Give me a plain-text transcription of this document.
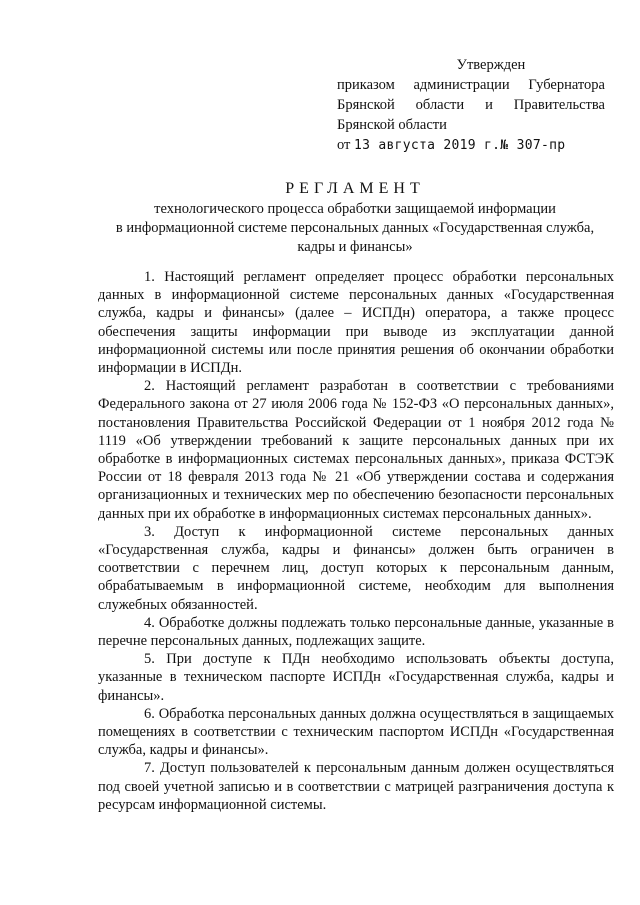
Утвержден
приказом администрации Губернатора
Брянской области и Правительства
Брянской области
от 13 августа 2019 г.№ 307-пр
РЕГЛАМЕНТ
технологического процесса обработки защищаемой информации
в информационной системе персональных данных «Государственная служба,
кадры и финансы»

1. Настоящий регламент определяет процесс обработки персональных данных в информационной системе персональных данных «Государственная служба, кадры и финансы» (далее – ИСПДн) оператора, а также процесс обеспечения защиты информации при выводе из эксплуатации данной информационной системы или после принятия решения об окончании обработки информации в ИСПДн.

2. Настоящий регламент разработан в соответствии с требованиями Федерального закона от 27 июля 2006 года № 152-ФЗ «О персональных данных», постановления Правительства Российской Федерации от 1 ноября 2012 года № 1119 «Об утверждении требований к защите персональных данных при их обработке в информационных системах персональных данных», приказа ФСТЭК России от 18 февраля 2013 года № 21 «Об утверждении состава и содержания организационных и технических мер по обеспечению безопасности персональных данных при их обработке в информационных системах персональных данных».

3. Доступ к информационной системе персональных данных «Государственная служба, кадры и финансы» должен быть ограничен в соответствии с перечнем лиц, доступ которых к персональным данным, обрабатываемым в информационной системе, необходим для выполнения служебных обязанностей.

4. Обработке должны подлежать только персональные данные, указанные в перечне персональных данных, подлежащих защите.

5. При доступе к ПДн необходимо использовать объекты доступа, указанные в техническом паспорте ИСПДн «Государственная служба, кадры и финансы».

6. Обработка персональных данных должна осуществляться в защищаемых помещениях в соответствии с техническим паспортом ИСПДн «Государственная служба, кадры и финансы».

7. Доступ пользователей к персональным данным должен осуществляться под своей учетной записью и в соответствии с матрицей разграничения доступа к ресурсам информационной системы.
